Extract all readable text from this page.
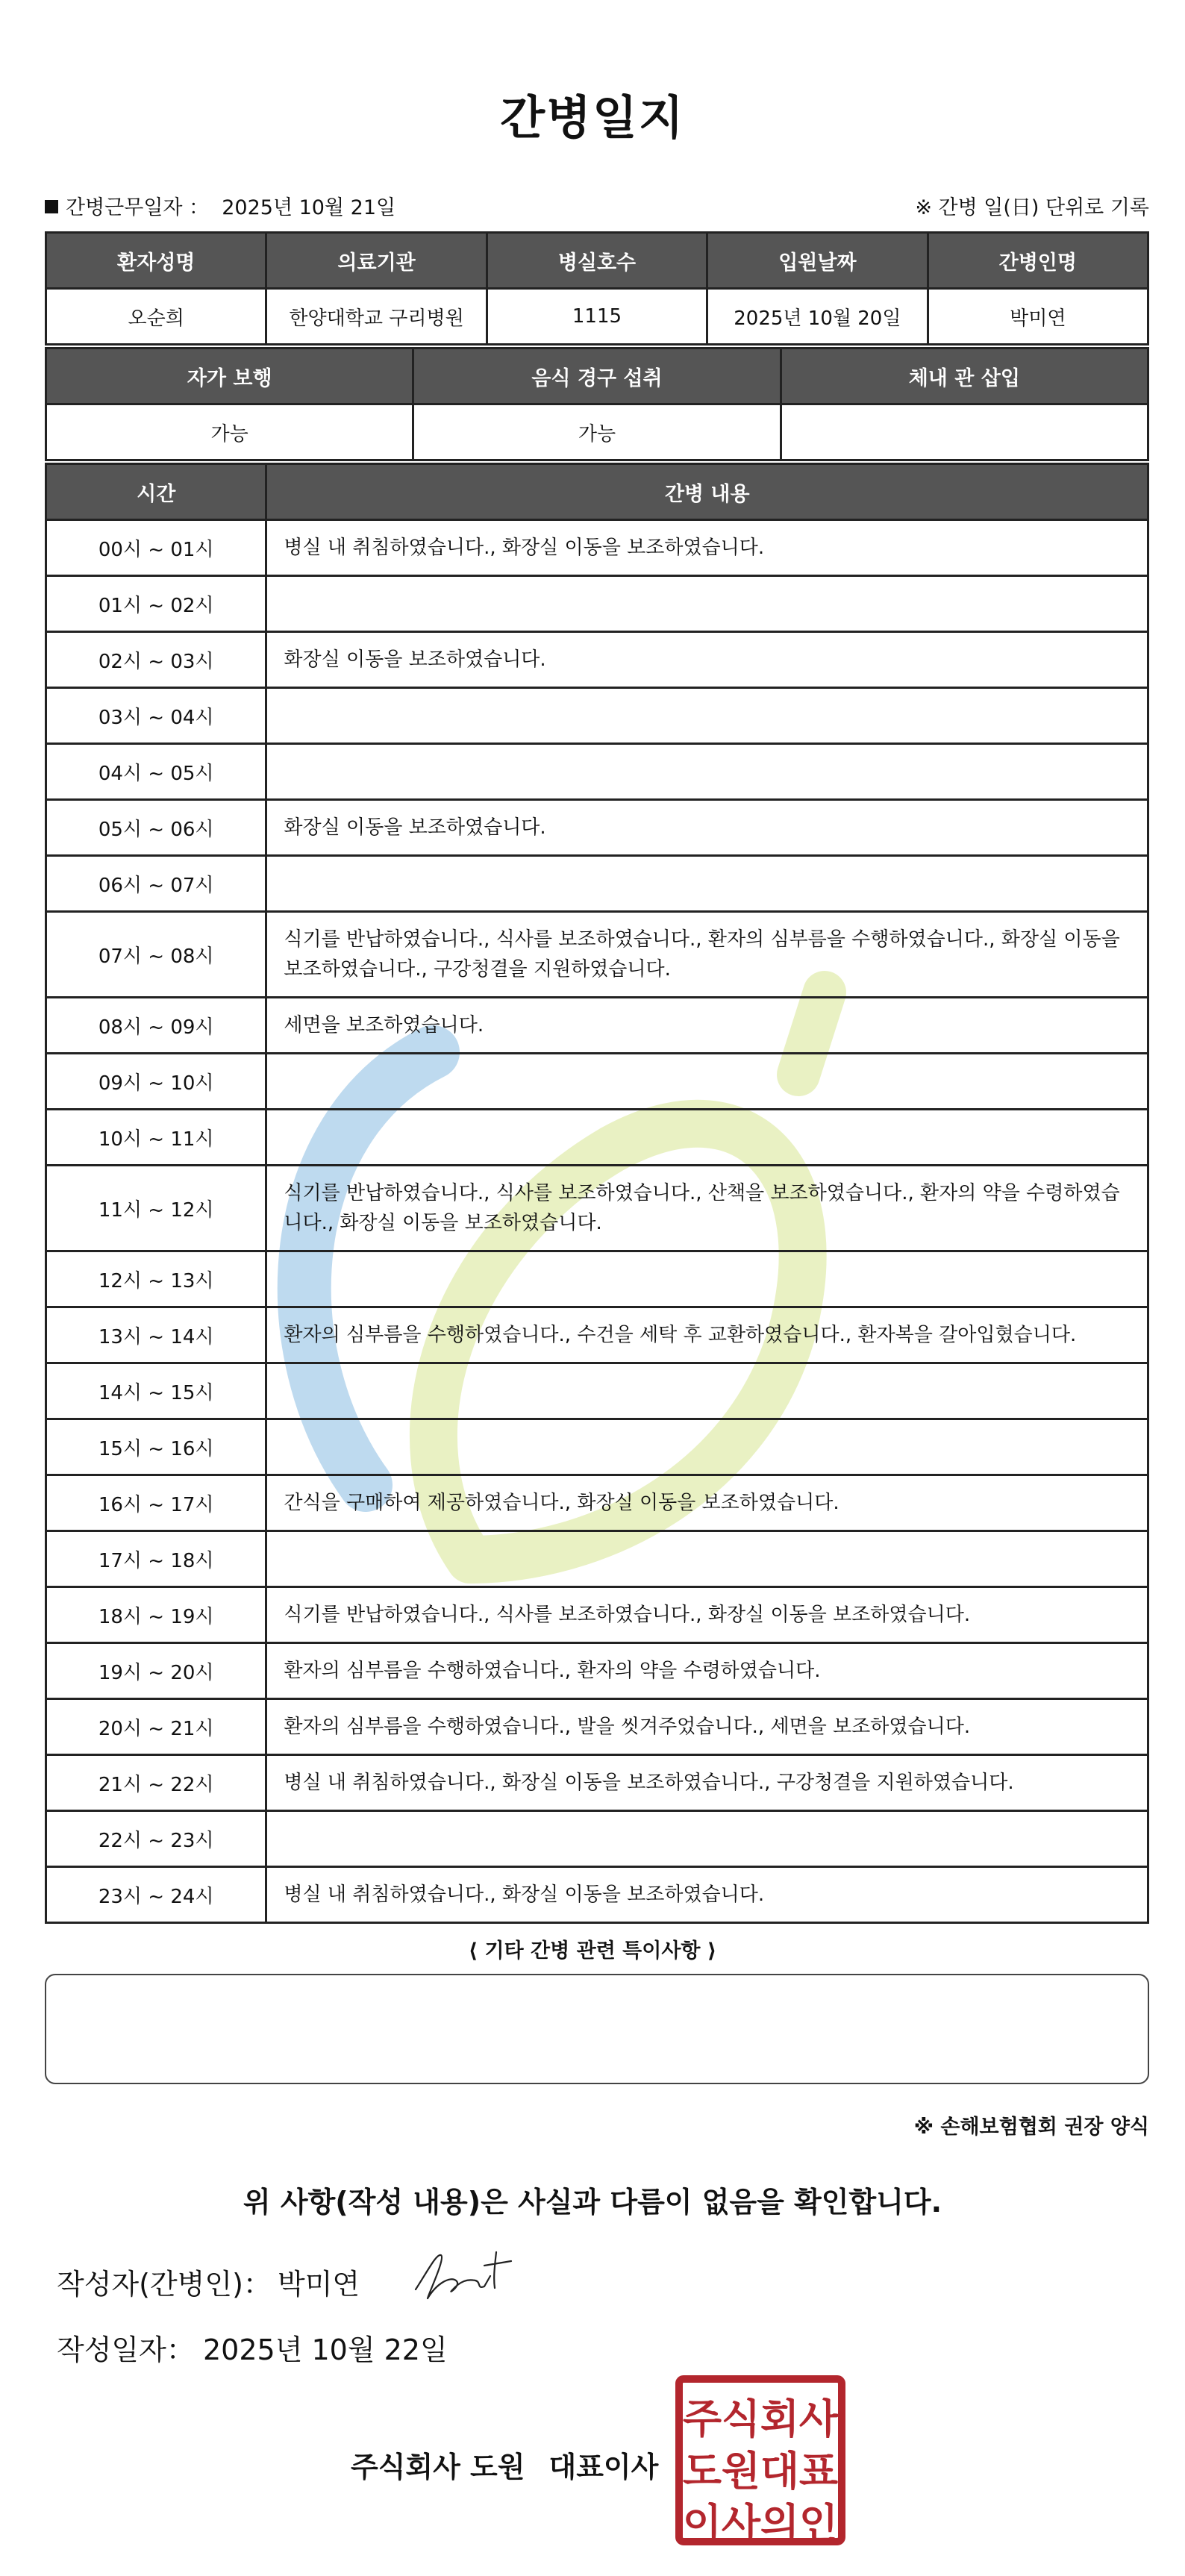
간병일지
간병근무일자 ： 2025년 10월 21일	※ 간병 일(日) 단위로 기록
환자성명	의료기관	병실호수	입원날짜	간병인명
오순희	한양대학교 구리병원	1115	2025년 10월 20일	박미연
자가 보행	음식 경구 섭취	체내 관 삽입
가능	가능	
시간	간병 내용
00시 ~ 01시	병실 내 취침하였습니다., 화장실 이동을 보조하였습니다.
01시 ~ 02시	
02시 ~ 03시	화장실 이동을 보조하였습니다.
03시 ~ 04시	
04시 ~ 05시	
05시 ~ 06시	화장실 이동을 보조하였습니다.
06시 ~ 07시	
07시 ~ 08시	식기를 반납하였습니다., 식사를 보조하였습니다., 환자의 심부름을 수행하였습니다., 화장실 이동을 보조하였습니다., 구강청결을 지원하였습니다.
08시 ~ 09시	세면을 보조하였습니다.
09시 ~ 10시	
10시 ~ 11시	
11시 ~ 12시	식기를 반납하였습니다., 식사를 보조하였습니다., 산책을 보조하였습니다., 환자의 약을 수령하였습니다., 화장실 이동을 보조하였습니다.
12시 ~ 13시	
13시 ~ 14시	환자의 심부름을 수행하였습니다., 수건을 세탁 후 교환하였습니다., 환자복을 갈아입혔습니다.
14시 ~ 15시	
15시 ~ 16시	
16시 ~ 17시	간식을 구매하여 제공하였습니다., 화장실 이동을 보조하였습니다.
17시 ~ 18시	
18시 ~ 19시	식기를 반납하였습니다., 식사를 보조하였습니다., 화장실 이동을 보조하였습니다.
19시 ~ 20시	환자의 심부름을 수행하였습니다., 환자의 약을 수령하였습니다.
20시 ~ 21시	환자의 심부름을 수행하였습니다., 발을 씻겨주었습니다., 세면을 보조하였습니다.
21시 ~ 22시	병실 내 취침하였습니다., 화장실 이동을 보조하였습니다., 구강청결을 지원하였습니다.
22시 ~ 23시	
23시 ~ 24시	병실 내 취침하였습니다., 화장실 이동을 보조하였습니다.
⟨ 기타 간병 관련 특이사항 ⟩
※ 손해보험협회 권장 양식
위 사항(작성 내용)은 사실과 다름이 없음을 확인합니다.
작성자(간병인)： 박미연
작성일자： 2025년 10월 22일
주식회사 도원 대표이사
주 식 회 사
도 원 대 표
이 사 의 인
